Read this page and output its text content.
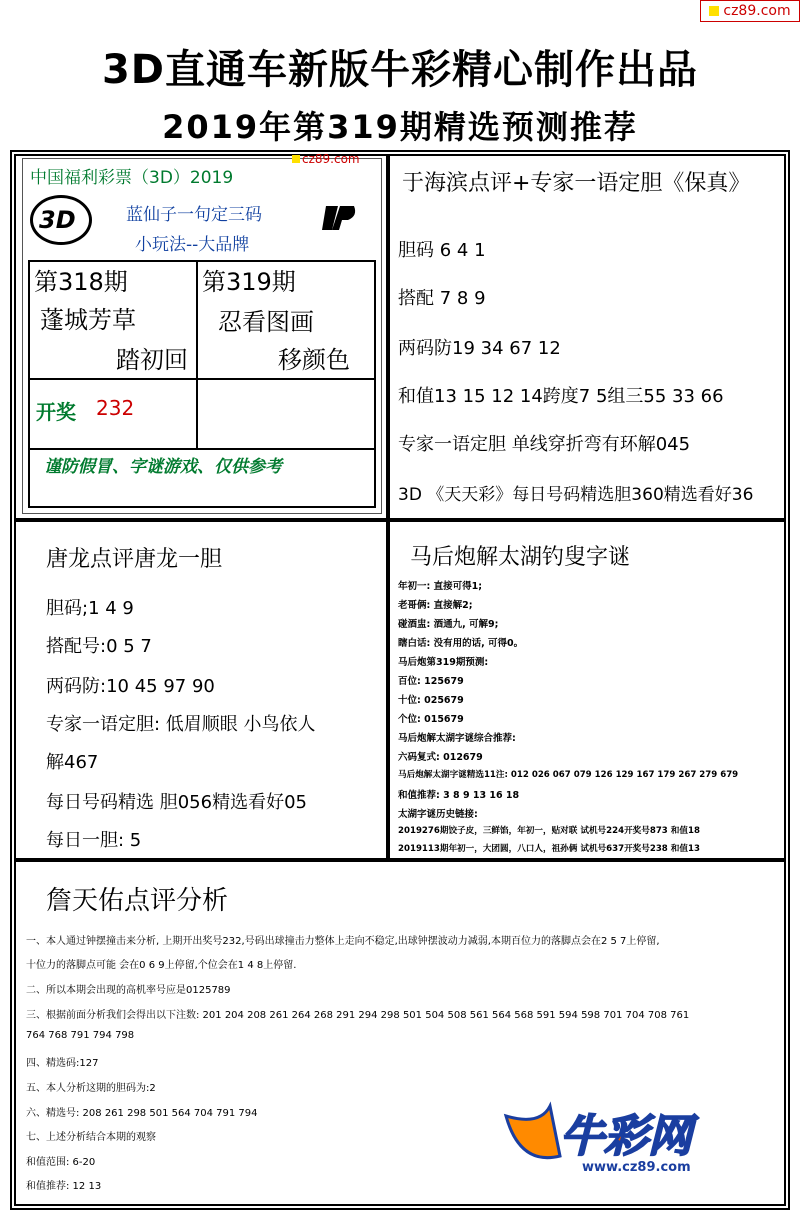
cz89.com
3D直通车新版牛彩精心制作出品
2019年第319期精选预测推荐
中国福利彩票（3D）2019
cz89.com
3D	蓝仙子一句定三码
小玩法--大品牌
第318期
蓬城芳草
踏初回
第319期
忍看图画
移颜色
开奖 232
谨防假冒、字谜游戏、仅供参考
于海滨点评+专家一语定胆《保真》
胆码 6 4 1
搭配 7 8 9
两码防19 34 67 12
和值13 15 12 14跨度7 5组三55 33 66
专家一语定胆 单线穿折弯有环解045
3D 《天天彩》每日号码精选胆360精选看好36
唐龙点评唐龙一胆
胆码;1 4 9
搭配号:0 5 7
两码防:10 45 97 90
专家一语定胆: 低眉顺眼 小鸟依人
解467
每日号码精选 胆056精选看好05
每日一胆: 5
马后炮解太湖钓叟字谜
年初一: 直接可得1;
老哥俩: 直接解2;
碰酒盅: 酒通九, 可解9;
瞎白话: 没有用的话, 可得0。
马后炮第319期预测:
百位: 125679
十位: 025679
个位: 015679
马后炮解太湖字谜综合推荐:
六码复式: 012679
马后炮解太湖字谜精选11注: 012 026 067 079 126 129 167 179 267 279 679
和值推荐: 3 8 9 13 16 18
太湖字谜历史链接:
2019276期饺子皮，三鲜馅，年初一，贴对联 试机号224开奖号873 和值18
2019113期年初一，大团圆，八口人，祖孙俩 试机号637开奖号238 和值13
詹天佑点评分析
一、本人通过钟摆撞击来分析, 上期开出奖号232,号码出球撞击力整体上走向不稳定,出球钟摆波动力减弱,本期百位力的落脚点会在2 5 7上停留,
十位力的落脚点可能 会在0 6 9上停留,个位会在1 4 8上停留.
二、所以本期会出现的高机率号应是0125789
三、根据前面分析我们会得出以下注数: 201 204 208 261 264 268 291 294 298 501 504 508 561 564 568 591 594 598 701 704 708 761
764 768 791 794 798
四、精选码:127
五、本人分析这期的胆码为:2
六、精选号: 208 261 298 501 564 704 791 794
七、上述分析结合本期的观察
和值范围: 6-20
和值推荐: 12 13
牛彩网
www.cz89.com
